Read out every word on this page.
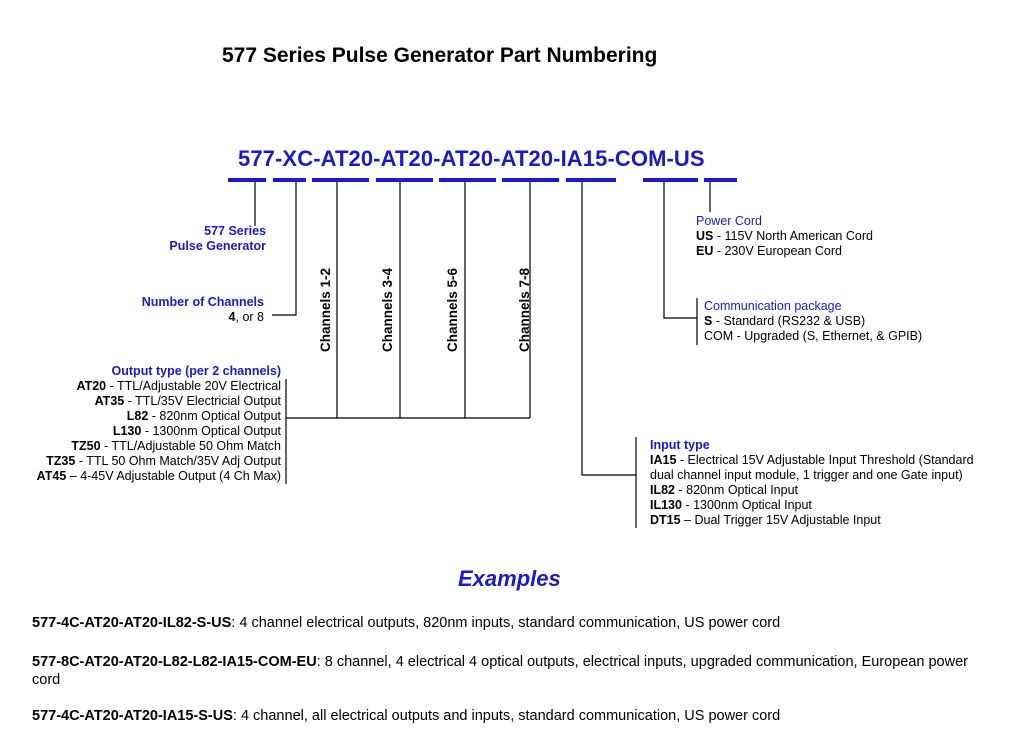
577 Series Pulse Generator Part Numbering
577-XC-AT20-AT20-AT20-AT20-IA15-COM-US
577 Series
Pulse Generator
Number of Channels
4, or 8	Channels 1-2	Channels 3-4	Channels 5-6	Channels 7-8
Output type (per 2 channels)
AT20 - TTL/Adjustable 20V Electrical
AT35 - TTL/35V Electricial Output
L82 - 820nm Optical Output
L130 - 1300nm Optical Output
TZ50 - TTL/Adjustable 50 Ohm Match
TZ35 - TTL 50 Ohm Match/35V Adj Output
AT45 – 4-45V Adjustable Output (4 Ch Max)
Power Cord
US - 115V North American Cord
EU - 230V European Cord
Communication package
S - Standard (RS232 & USB)
COM - Upgraded (S, Ethernet, & GPIB)
Input type
IA15 - Electrical 15V Adjustable Input Threshold (Standard
dual channel input module, 1 trigger and one Gate input)
IL82 - 820nm Optical Input
IL130 - 1300nm Optical Input
DT15 – Dual Trigger 15V Adjustable Input
Examples
577-4C-AT20-AT20-IL82-S-US: 4 channel electrical outputs, 820nm inputs, standard communication, US power cord
577-8C-AT20-AT20-L82-L82-IA15-COM-EU: 8 channel, 4 electrical 4 optical outputs, electrical inputs, upgraded communication, European power cord
577-4C-AT20-AT20-IA15-S-US: 4 channel, all electrical outputs and inputs, standard communication, US power cord
